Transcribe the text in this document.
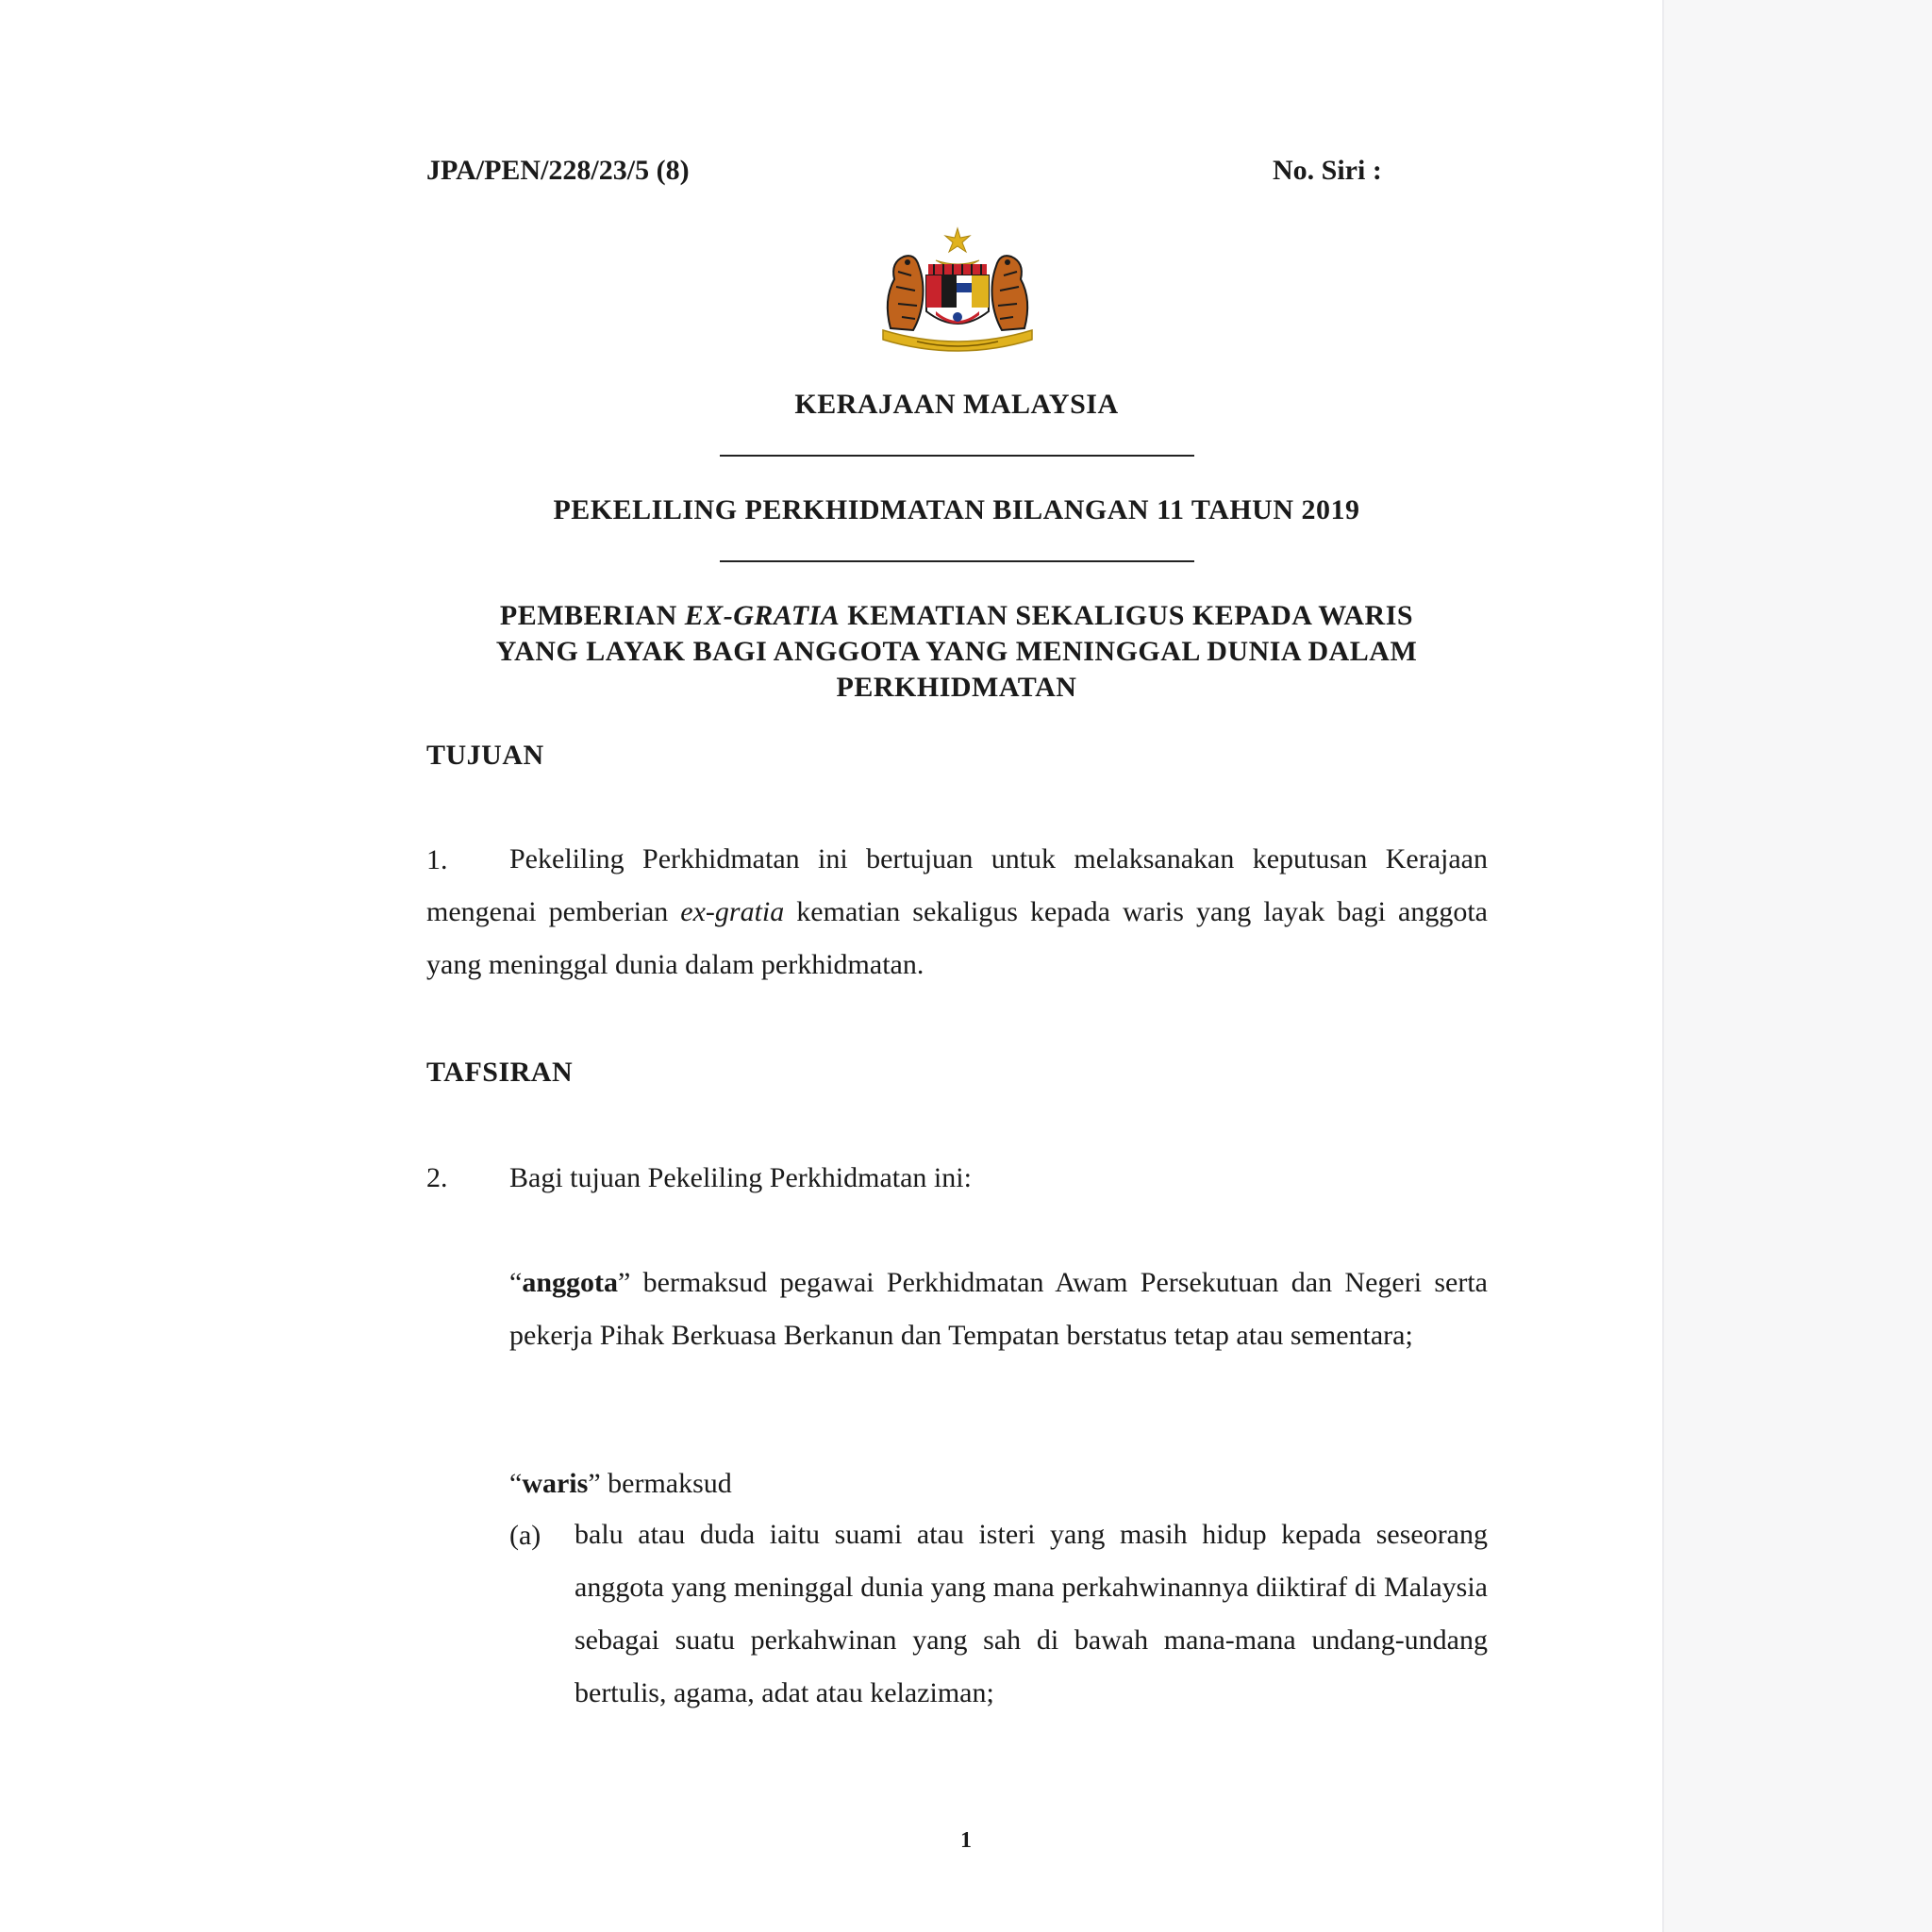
JPA/PEN/228/23/5 (8)	No. Siri :
KERAJAAN MALAYSIA
PEKELILING PERKHIDMATAN BILANGAN 11 TAHUN 2019
PEMBERIAN EX-GRATIA KEMATIAN SEKALIGUS KEPADA WARIS
YANG LAYAK BAGI ANGGOTA YANG MENINGGAL DUNIA DALAM
PERKHIDMATAN
TUJUAN
1.	Pekeliling Perkhidmatan ini bertujuan untuk melaksanakan keputusan Kerajaan mengenai pemberian ex-gratia kematian sekaligus kepada waris yang layak bagi anggota yang meninggal dunia dalam perkhidmatan.
TAFSIRAN
2. Bagi tujuan Pekeliling Perkhidmatan ini:
“anggota” bermaksud pegawai Perkhidmatan Awam Persekutuan dan Negeri serta pekerja Pihak Berkuasa Berkanun dan Tempatan berstatus tetap atau sementara;
“waris” bermaksud
(a) balu atau duda iaitu suami atau isteri yang masih hidup kepada seseorang anggota yang meninggal dunia yang mana perkahwinannya diiktiraf di Malaysia sebagai suatu perkahwinan yang sah di bawah mana-mana undang-undang bertulis, agama, adat atau kelaziman;
1
